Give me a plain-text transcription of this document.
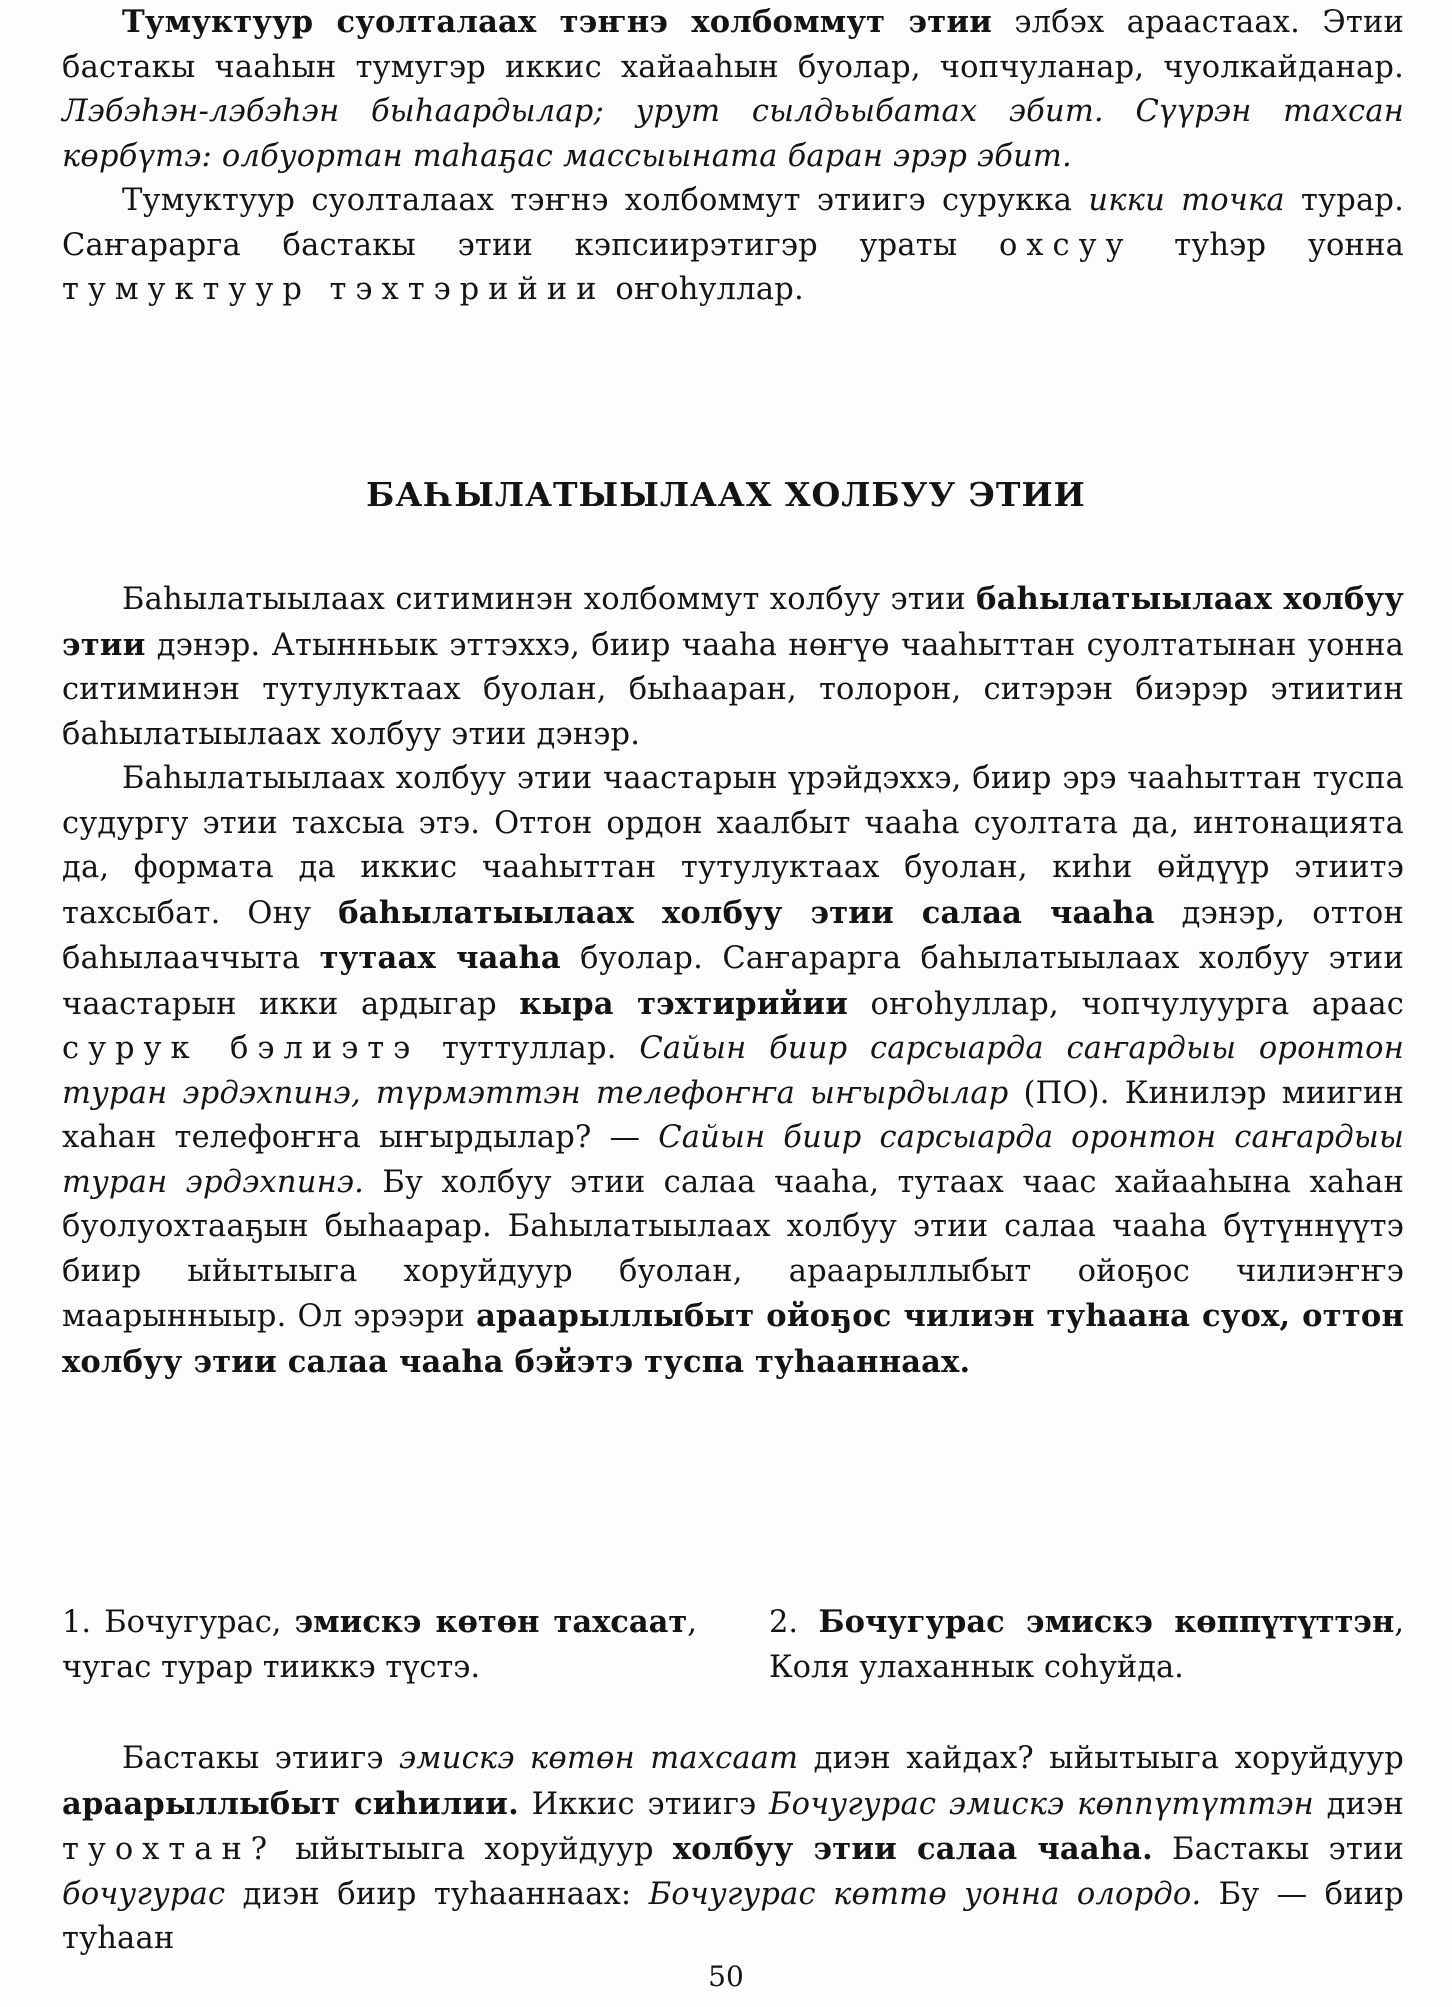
Тумуктуур суолталаах тэҥнэ холбоммут этии элбэх араастаах. Этии бастакы чааһын тумугэр иккис хайааһын буолар, чопчуланар, чуолкайданар. Лэбэһэн-лэбэһэн быһаардылар; урут сылдьыбатах эбит. Сүүрэн тахсан көрбүтэ: олбуортан таһаҕас массыыната баран эрэр эбит.

Тумуктуур суолталаах тэҥнэ холбоммут этиигэ сурукка икки точка турар. Саҥарарга бастакы этии кэпсиирэтигэр ураты охсуу туһэр уонна тумуктуур тэхтэрийии оҥоһуллар.

БАҺЫЛАТЫЫЛААХ ХОЛБУУ ЭТИИ

Баһылатыылаах ситиминэн холбоммут холбуу этии баһылатыылаах холбуу этии дэнэр. Атынньык эттэххэ, биир чааһа нөҥүө чааһыттан суолтатынан уонна ситиминэн тутулуктаах буолан, быһааран, толорон, ситэрэн биэрэр этиитин баһылатыылаах холбуу этии дэнэр.

Баһылатыылаах холбуу этии чаастарын үрэйдэххэ, биир эрэ чааһыттан туспа судургу этии тахсыа этэ. Оттон ордон хаалбыт чааһа суолтата да, интонацията да, формата да иккис чааһыттан тутулуктаах буолан, киһи өйдүүр этиитэ тахсыбат. Ону баһылатыылаах холбуу этии салаа чааһа дэнэр, оттон баһылааччыта тутаах чааһа буолар. Саҥарарга баһылатыылаах холбуу этии чаастарын икки ардыгар кыра тэхтирийии оҥоһуллар, чопчулуурга араас сурук бэлиэтэ туттуллар. Сайын биир сарсыарда саҥардыы оронтон туран эрдэхпинэ, түрмэттэн телефоҥҥа ыҥырдылар (ПО). Кинилэр миигин хаһан телефоҥҥа ыҥырдылар? — Сайын биир сарсыарда оронтон саҥардыы туран эрдэхпинэ. Бу холбуу этии салаа чааһа, тутаах чаас хайааһына хаһан буолуохтааҕын быһаарар. Баһылатыылаах холбуу этии салаа чааһа бүтүннүүтэ биир ыйытыыга хоруйдуур буолан, араарыллыбыт ойоҕос чилиэҥҥэ маарынныыр. Ол эрээри араарыллыбыт ойоҕос чилиэн туһаана суох, оттон холбуу этии салаа чааһа бэйэтэ туспа туһааннаах.

1. Бочугурас, эмискэ көтөн тахсаат, чугас турар тииккэ түстэ.
2. Бочугурас эмискэ көппүтүттэн, Коля улаханнык соһуйда.

Бастакы этиигэ эмискэ көтөн тахсаат диэн хайдах? ыйытыыга хоруйдуур араарыллыбыт сиһилии. Иккис этиигэ Бочугурас эмискэ көппүтүттэн диэн туохтан? ыйытыыга хоруйдуур холбуу этии салаа чааһа. Бастакы этии бочугурас диэн биир туһааннаах: Бочугурас көттө уонна олордо. Бу — биир туһаан

50
